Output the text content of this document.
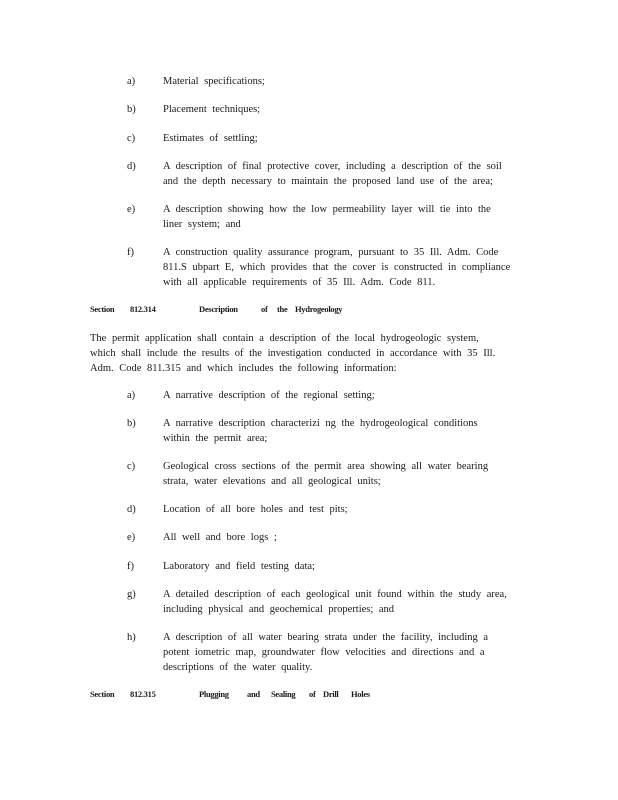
a)	Material specifications;
b)	Placement techniques;
c)	Estimates of settling;
d)	A description of final protective cover, including a description of the soil
and the depth necessary to maintain the proposed land use of the area;
e)	A description showing how the low permeability layer will tie into the
liner system; and
f)	A construction quality assurance program, pursuant to 35 Ill. Adm. Code
811.S ubpart E, which provides that the cover is constructed in compliance
with all applicable requirements of 35 Ill. Adm. Code 811.
Section 812.314	Description	of the Hydrogeology
The permit application shall contain a description of the local hydrogeologic system,
which shall include the results of the investigation conducted in accordance with 35 Ill.
Adm. Code 811.315 and which includes the following information:
a)	A narrative description of the regional setting;
b)	A narrative description characterizi ng the hydrogeological conditions
within the permit area;
c)	Geological cross sections of the permit area showing all water bearing
strata, water elevations and all geological units;
d)	Location of all bore holes and test pits;
e)	All well and bore logs ;
f)	Laboratory and field testing data;
g)	A detailed description of each geological unit found within the study area,
including physical and geochemical properties; and
h)	A description of all water bearing strata under the facility, including a
potent iometric map, groundwater flow velocities and directions and a
descriptions of the water quality.
Section 812.315	Plugging and Sealing of Drill Holes
